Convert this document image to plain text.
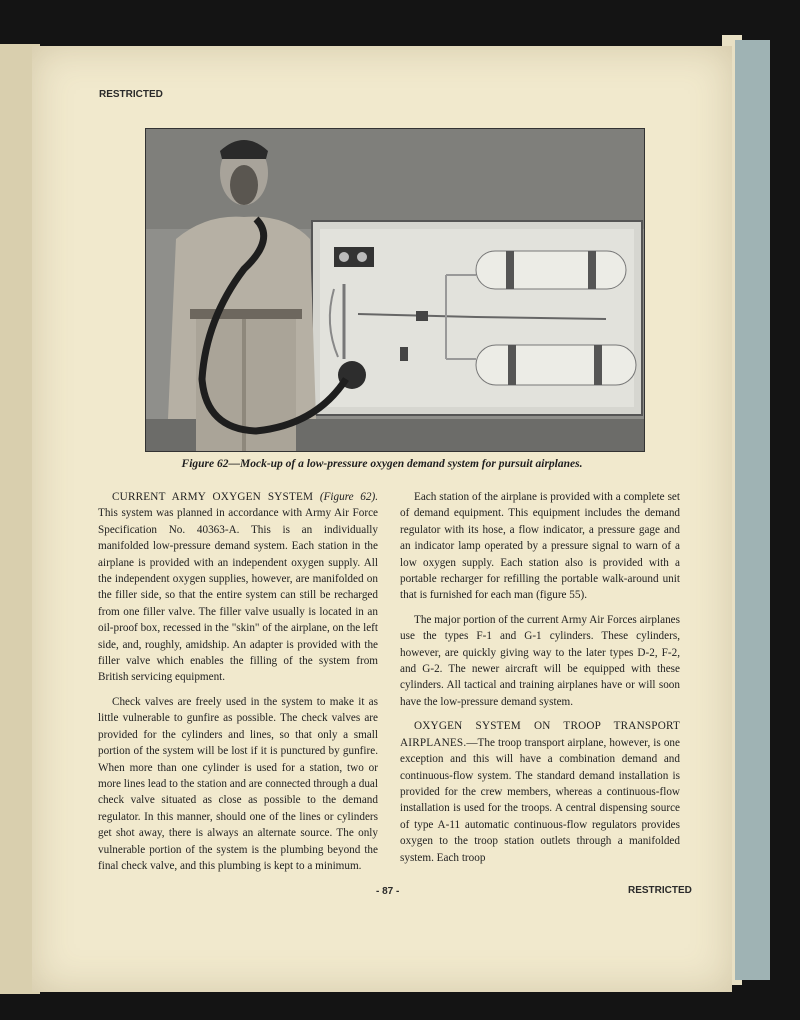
RESTRICTED
Figure 62—Mock-up of a low-pressure oxygen demand system for pursuit airplanes.

CURRENT ARMY OXYGEN SYSTEM (Figure 62). This system was planned in accordance with Army Air Force Specification No. 40363-A. This is an individually manifolded low-pressure demand system. Each station in the airplane is provided with an independent oxygen supply. All the independent oxygen supplies, however, are manifolded on the filler side, so that the entire system can still be recharged from one filler valve. The filler valve usually is located in an oil-proof box, recessed in the "skin" of the airplane, on the left side, and, roughly, amidship. An adapter is provided with the filler valve which enables the filling of the system from British servicing equipment.

Check valves are freely used in the system to make it as little vulnerable to gunfire as possible. The check valves are provided for the cylinders and lines, so that only a small portion of the system will be lost if it is punctured by gunfire. When more than one cylinder is used for a station, two or more lines lead to the station and are connected through a dual check valve situated as close as possible to the demand regulator. In this manner, should one of the lines or cylinders get shot away, there is always an alternate source. The only vulnerable portion of the system is the plumbing beyond the final check valve, and this plumbing is kept to a minimum.

Each station of the airplane is provided with a complete set of demand equipment. This equipment includes the demand regulator with its hose, a flow indicator, a pressure gage and an indicator lamp operated by a pressure signal to warn of a low oxygen supply. Each station also is provided with a portable recharger for refilling the portable walk-around unit that is furnished for each man (figure 55).

The major portion of the current Army Air Forces airplanes use the types F-1 and G-1 cylinders. These cylinders, however, are quickly giving way to the later types D-2, F-2, and G-2. The newer aircraft will be equipped with these cylinders. All tactical and training airplanes have or will soon have the low-pressure demand system.

OXYGEN SYSTEM ON TROOP TRANSPORT AIRPLANES.—The troop transport airplane, however, is one exception and this will have a combination demand and continuous-flow system. The standard demand installation is provided for the crew members, whereas a continuous-flow installation is used for the troops. A central dispensing source of type A-11 automatic continuous-flow regulators provides oxygen to the troop station outlets through a manifolded system. Each troop

- 87 -	RESTRICTED
